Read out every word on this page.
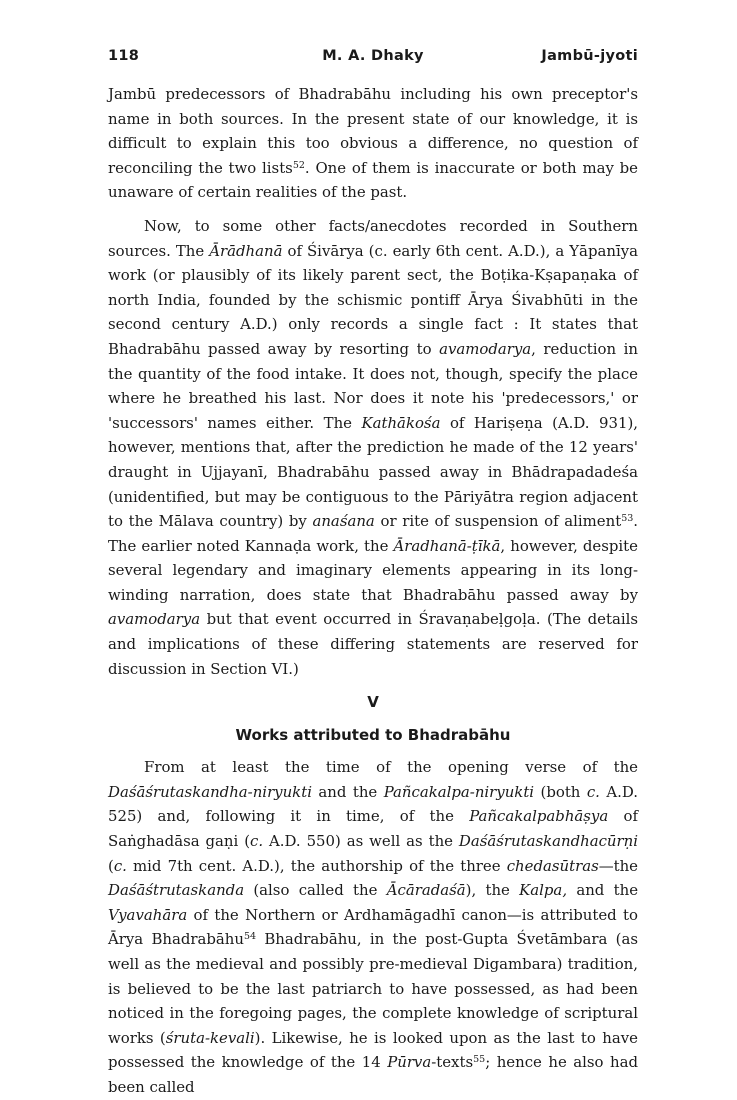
118	M. A. Dhaky	Jambū-jyoti

Jambū predecessors of Bhadrabāhu including his own preceptor's name in both sources. In the present state of our knowledge, it is difficult to explain this too obvious a difference, no question of reconciling the two lists$^{52}$. One of them is inaccurate or both may be unaware of certain realities of the past.

Now, to some other facts/anecdotes recorded in Southern sources. The Ārādhanā of Śivārya (c. early 6th cent. A.D.), a Yāpanīya work (or plausibly of its likely parent sect, the Boṭika-Kṣapaṇaka of north India, founded by the schismic pontiff Ārya Śivabhūti in the second century A.D.) only records a single fact : It states that Bhadrabāhu passed away by resorting to avamodarya, reduction in the quantity of the food intake. It does not, though, specify the place where he breathed his last. Nor does it note his 'predecessors,' or 'successors' names either. The Kathākośa of Hariṣeṇa (A.D. 931), however, mentions that, after the prediction he made of the 12 years' draught in Ujjayanī, Bhadrabāhu passed away in Bhādrapadadeśa (unidentified, but may be contiguous to the Pāriyātra region adjacent to the Mālava country) by anaśana or rite of suspension of aliment$^{53}$. The earlier noted Kannaḍa work, the Āradhanā-ṭīkā, however, despite several legendary and imaginary elements appearing in its long-winding narration, does state that Bhadrabāhu passed away by avamodarya but that event occurred in Śravaṇabeḷgoḷa. (The details and implications of these differing statements are reserved for discussion in Section VI.)

V
Works attributed to Bhadrabāhu

From at least the time of the opening verse of the Daśāśrutaskandha-niryukti and the Pañcakalpa-niryukti (both c. A.D. 525) and, following it in time, of the Pañcakalpabhāṣya of Saṅghadāsa gaṇi (c. A.D. 550) as well as the Daśāśrutaskandhacūrṇi (c. mid 7th cent. A.D.), the authorship of the three chedasūtras—the Daśāśtrutaskanda (also called the Ācāradaśā), the Kalpa, and the Vyavahāra of the Northern or Ardhamāgadhī canon—is attributed to Ārya Bhadrabāhu$^{54}$ Bhadrabāhu, in the post-Gupta Śvetāmbara (as well as the medieval and possibly pre-medieval Digambara) tradition, is believed to be the last patriarch to have possessed, as had been noticed in the foregoing pages, the complete knowledge of scriptural works (śruta-kevali). Likewise, he is looked upon as the last to have possessed the knowledge of the 14 Pūrva-texts$^{55}$; hence he also had been called
